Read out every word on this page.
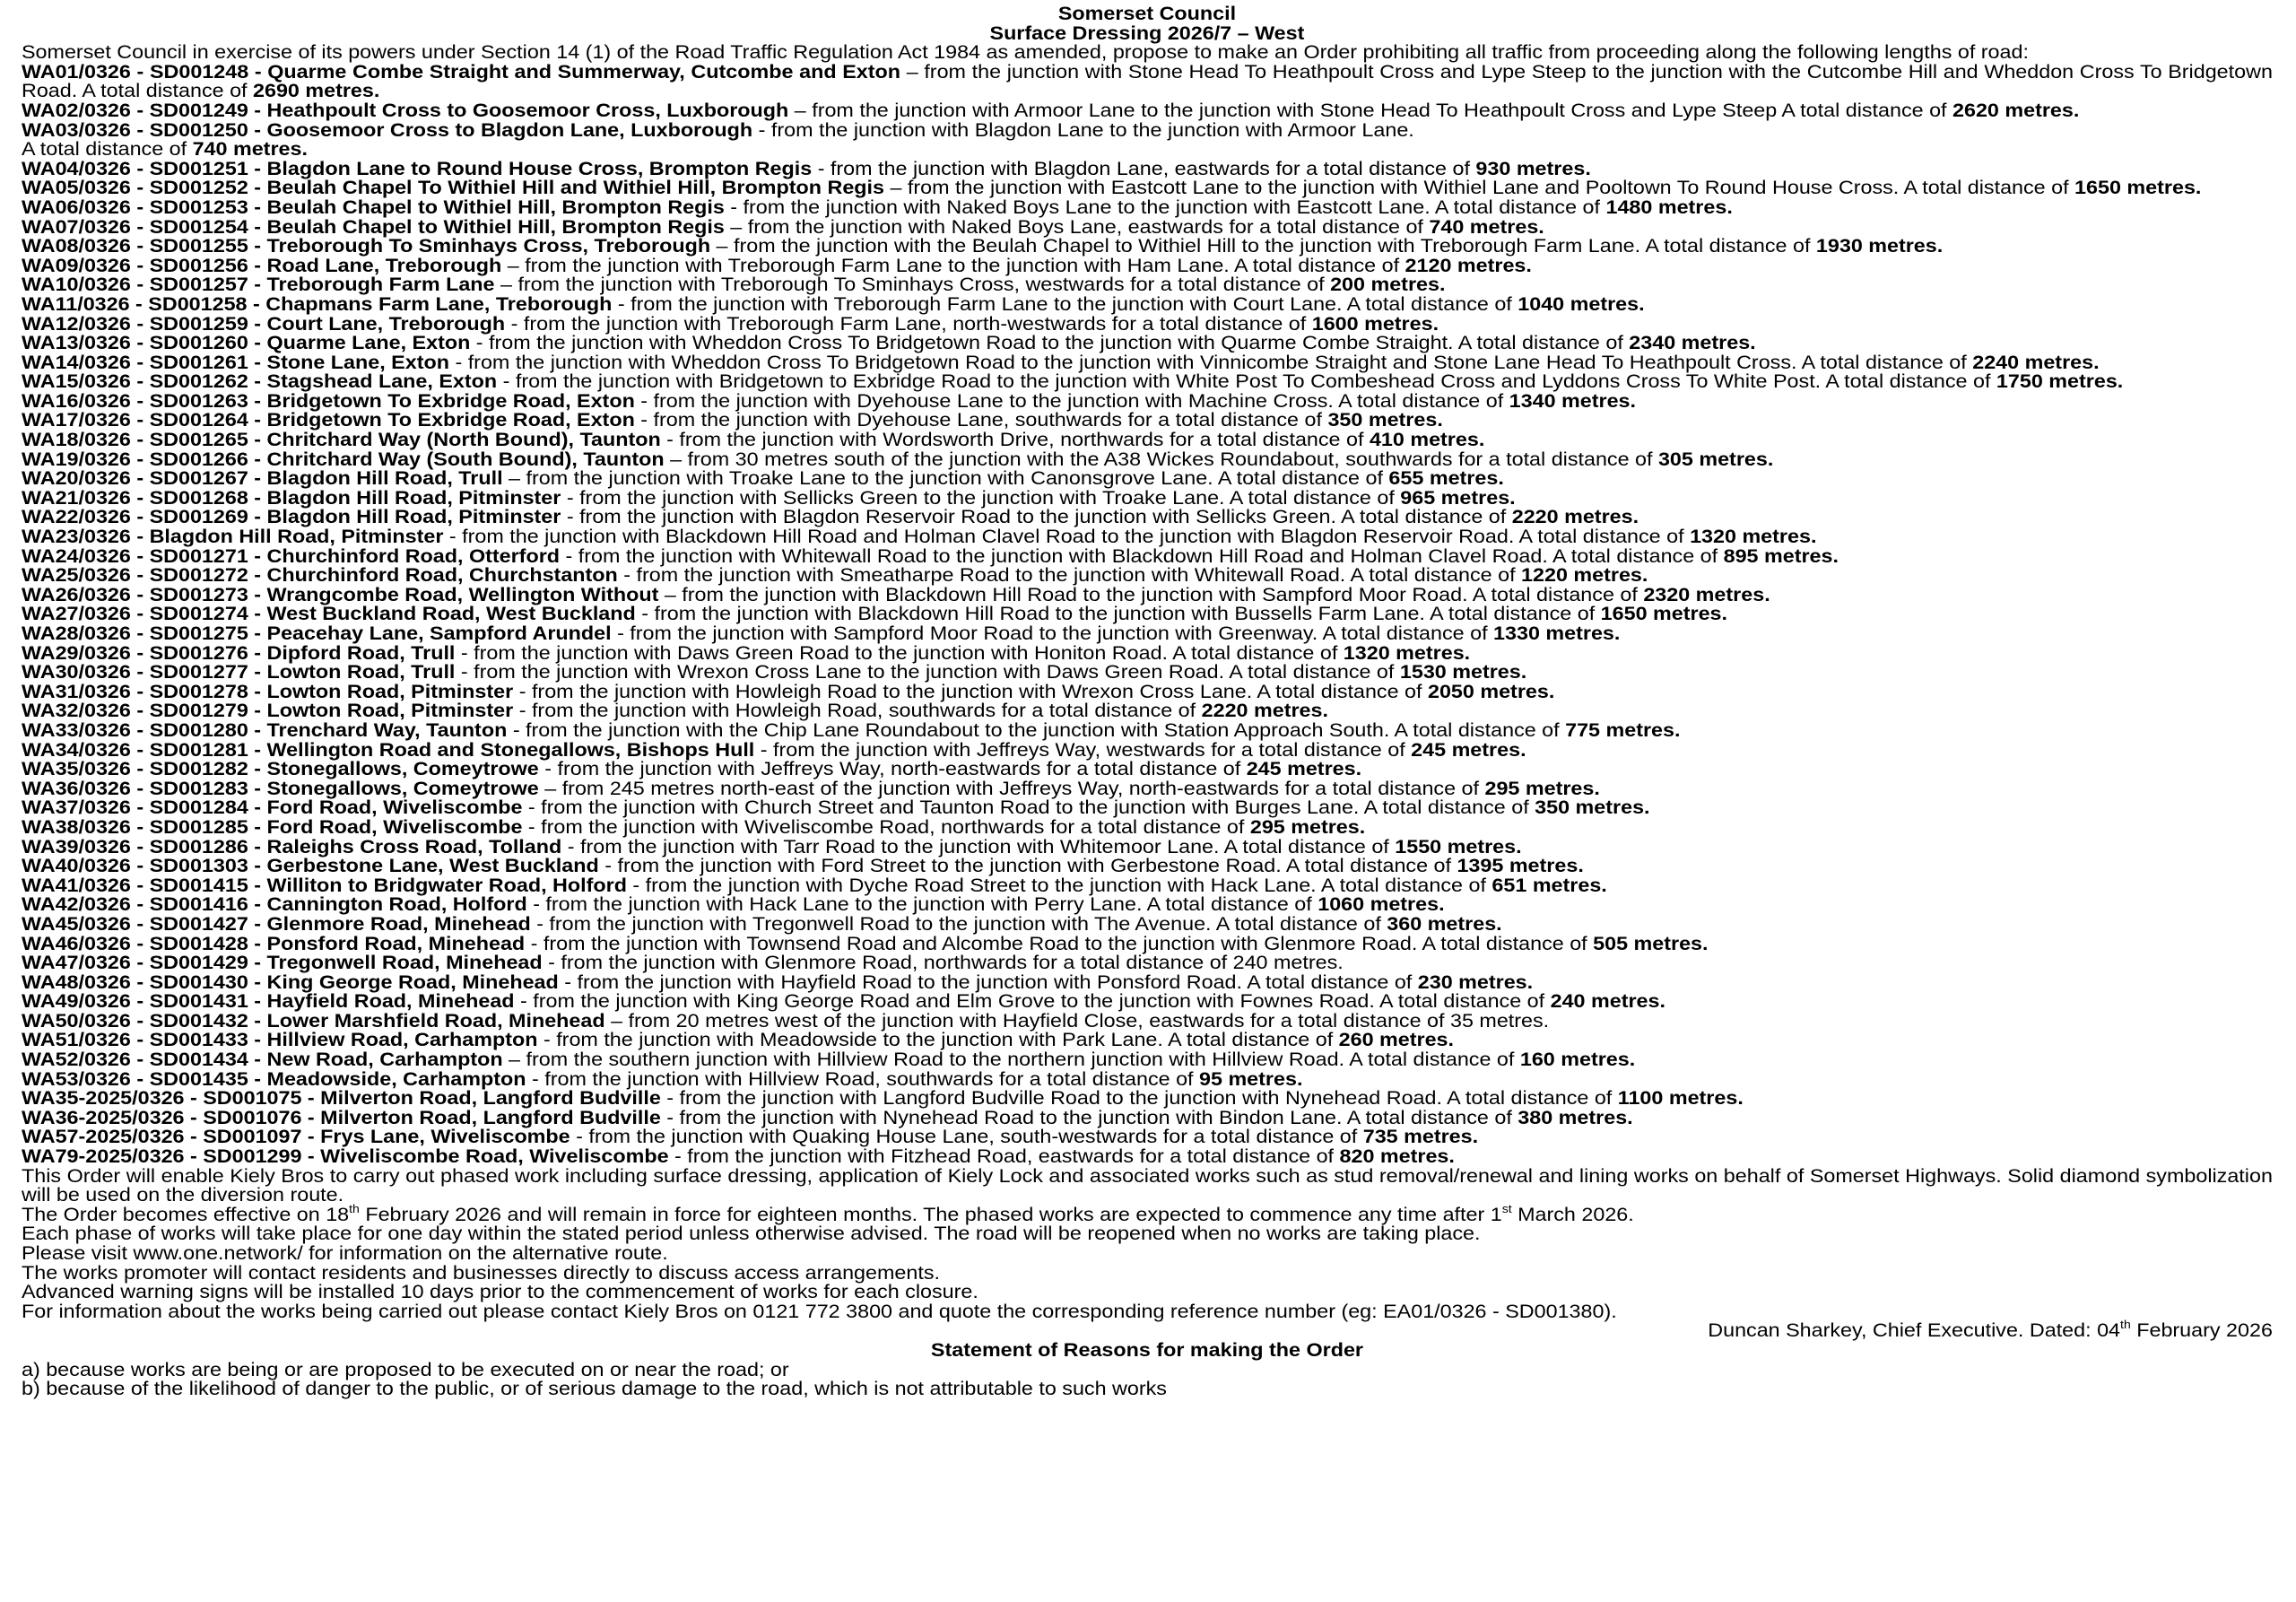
Somerset Council
Surface Dressing 2026/7 – West
Somerset Council in exercise of its powers under Section 14 (1) of the Road Traffic Regulation Act 1984 as amended, propose to make an Order prohibiting all traffic from proceeding along the following lengths of road:
WA01/0326 - SD001248 - Quarme Combe Straight and Summerway, Cutcombe and Exton – from the junction with Stone Head To Heathpoult Cross and Lype Steep to the junction with the Cutcombe Hill and Wheddon Cross To Bridgetown Road. A total distance of 2690 metres.
WA02/0326 - SD001249 - Heathpoult Cross to Goosemoor Cross, Luxborough – from the junction with Armoor Lane to the junction with Stone Head To Heathpoult Cross and Lype Steep A total distance of 2620 metres.
WA03/0326 - SD001250 - Goosemoor Cross to Blagdon Lane, Luxborough - from the junction with Blagdon Lane to the junction with Armoor Lane.
A total distance of 740 metres.
WA04/0326 - SD001251 - Blagdon Lane to Round House Cross, Brompton Regis - from the junction with Blagdon Lane, eastwards for a total distance of 930 metres.
WA05/0326 - SD001252 - Beulah Chapel To Withiel Hill and Withiel Hill, Brompton Regis – from the junction with Eastcott Lane to the junction with Withiel Lane and Pooltown To Round House Cross. A total distance of 1650 metres.
WA06/0326 - SD001253 - Beulah Chapel to Withiel Hill, Brompton Regis - from the junction with Naked Boys Lane to the junction with Eastcott Lane. A total distance of 1480 metres.
WA07/0326 - SD001254 - Beulah Chapel to Withiel Hill, Brompton Regis – from the junction with Naked Boys Lane, eastwards for a total distance of 740 metres.
WA08/0326 - SD001255 - Treborough To Sminhays Cross, Treborough – from the junction with the Beulah Chapel to Withiel Hill to the junction with Treborough Farm Lane. A total distance of 1930 metres.
WA09/0326 - SD001256 - Road Lane, Treborough – from the junction with Treborough Farm Lane to the junction with Ham Lane. A total distance of 2120 metres.
WA10/0326 - SD001257 - Treborough Farm Lane – from the junction with Treborough To Sminhays Cross, westwards for a total distance of 200 metres.
WA11/0326 - SD001258 - Chapmans Farm Lane, Treborough - from the junction with Treborough Farm Lane to the junction with Court Lane. A total distance of 1040 metres.
WA12/0326 - SD001259 - Court Lane, Treborough - from the junction with Treborough Farm Lane, north-westwards for a total distance of 1600 metres.
WA13/0326 - SD001260 - Quarme Lane, Exton - from the junction with Wheddon Cross To Bridgetown Road to the junction with Quarme Combe Straight. A total distance of 2340 metres.
WA14/0326 - SD001261 - Stone Lane, Exton - from the junction with Wheddon Cross To Bridgetown Road to the junction with Vinnicombe Straight and Stone Lane Head To Heathpoult Cross. A total distance of 2240 metres.
WA15/0326 - SD001262 - Stagshead Lane, Exton - from the junction with Bridgetown to Exbridge Road to the junction with White Post To Combeshead Cross and Lyddons Cross To White Post. A total distance of 1750 metres.
WA16/0326 - SD001263 - Bridgetown To Exbridge Road, Exton - from the junction with Dyehouse Lane to the junction with Machine Cross. A total distance of 1340 metres.
WA17/0326 - SD001264 - Bridgetown To Exbridge Road, Exton - from the junction with Dyehouse Lane, southwards for a total distance of 350 metres.
WA18/0326 - SD001265 - Chritchard Way (North Bound), Taunton - from the junction with Wordsworth Drive, northwards for a total distance of 410 metres.
WA19/0326 - SD001266 - Chritchard Way (South Bound), Taunton – from 30 metres south of the junction with the A38 Wickes Roundabout, southwards for a total distance of 305 metres.
WA20/0326 - SD001267 - Blagdon Hill Road, Trull – from the junction with Troake Lane to the junction with Canonsgrove Lane. A total distance of 655 metres.
WA21/0326 - SD001268 - Blagdon Hill Road, Pitminster - from the junction with Sellicks Green to the junction with Troake Lane. A total distance of 965 metres.
WA22/0326 - SD001269 - Blagdon Hill Road, Pitminster - from the junction with Blagdon Reservoir Road to the junction with Sellicks Green. A total distance of 2220 metres.
WA23/0326 - Blagdon Hill Road, Pitminster - from the junction with Blackdown Hill Road and Holman Clavel Road to the junction with Blagdon Reservoir Road. A total distance of 1320 metres.
WA24/0326 - SD001271 - Churchinford Road, Otterford - from the junction with Whitewall Road to the junction with Blackdown Hill Road and Holman Clavel Road. A total distance of 895 metres.
WA25/0326 - SD001272 - Churchinford Road, Churchstanton - from the junction with Smeatharpe Road to the junction with Whitewall Road. A total distance of 1220 metres.
WA26/0326 - SD001273 - Wrangcombe Road, Wellington Without – from the junction with Blackdown Hill Road to the junction with Sampford Moor Road. A total distance of 2320 metres.
WA27/0326 - SD001274 - West Buckland Road, West Buckland - from the junction with Blackdown Hill Road to the junction with Bussells Farm Lane. A total distance of 1650 metres.
WA28/0326 - SD001275 - Peacehay Lane, Sampford Arundel - from the junction with Sampford Moor Road to the junction with Greenway. A total distance of 1330 metres.
WA29/0326 - SD001276 - Dipford Road, Trull - from the junction with Daws Green Road to the junction with Honiton Road. A total distance of 1320 metres.
WA30/0326 - SD001277 - Lowton Road, Trull - from the junction with Wrexon Cross Lane to the junction with Daws Green Road. A total distance of 1530 metres.
WA31/0326 - SD001278 - Lowton Road, Pitminster - from the junction with Howleigh Road to the junction with Wrexon Cross Lane. A total distance of 2050 metres.
WA32/0326 - SD001279 - Lowton Road, Pitminster - from the junction with Howleigh Road, southwards for a total distance of 2220 metres.
WA33/0326 - SD001280 - Trenchard Way, Taunton - from the junction with the Chip Lane Roundabout to the junction with Station Approach South. A total distance of 775 metres.
WA34/0326 - SD001281 - Wellington Road and Stonegallows, Bishops Hull - from the junction with Jeffreys Way, westwards for a total distance of 245 metres.
WA35/0326 - SD001282 - Stonegallows, Comeytrowe - from the junction with Jeffreys Way, north-eastwards for a total distance of 245 metres.
WA36/0326 - SD001283 - Stonegallows, Comeytrowe – from 245 metres north-east of the junction with Jeffreys Way, north-eastwards for a total distance of 295 metres.
WA37/0326 - SD001284 - Ford Road, Wiveliscombe - from the junction with Church Street and Taunton Road to the junction with Burges Lane. A total distance of 350 metres.
WA38/0326 - SD001285 - Ford Road, Wiveliscombe - from the junction with Wiveliscombe Road, northwards for a total distance of 295 metres.
WA39/0326 - SD001286 - Raleighs Cross Road, Tolland - from the junction with Tarr Road to the junction with Whitemoor Lane. A total distance of 1550 metres.
WA40/0326 - SD001303 - Gerbestone Lane, West Buckland - from the junction with Ford Street to the junction with Gerbestone Road. A total distance of 1395 metres.
WA41/0326 - SD001415 - Williton to Bridgwater Road, Holford - from the junction with Dyche Road Street to the junction with Hack Lane. A total distance of 651 metres.
WA42/0326 - SD001416 - Cannington Road, Holford - from the junction with Hack Lane to the junction with Perry Lane. A total distance of 1060 metres.
WA45/0326 - SD001427 - Glenmore Road, Minehead - from the junction with Tregonwell Road to the junction with The Avenue. A total distance of 360 metres.
WA46/0326 - SD001428 - Ponsford Road, Minehead - from the junction with Townsend Road and Alcombe Road to the junction with Glenmore Road. A total distance of 505 metres.
WA47/0326 - SD001429 - Tregonwell Road, Minehead - from the junction with Glenmore Road, northwards for a total distance of 240 metres.
WA48/0326 - SD001430 - King George Road, Minehead - from the junction with Hayfield Road to the junction with Ponsford Road. A total distance of 230 metres.
WA49/0326 - SD001431 - Hayfield Road, Minehead - from the junction with King George Road and Elm Grove to the junction with Fownes Road. A total distance of 240 metres.
WA50/0326 - SD001432 - Lower Marshfield Road, Minehead – from 20 metres west of the junction with Hayfield Close, eastwards for a total distance of 35 metres.
WA51/0326 - SD001433 - Hillview Road, Carhampton - from the junction with Meadowside to the junction with Park Lane. A total distance of 260 metres.
WA52/0326 - SD001434 - New Road, Carhampton – from the southern junction with Hillview Road to the northern junction with Hillview Road. A total distance of 160 metres.
WA53/0326 - SD001435 - Meadowside, Carhampton - from the junction with Hillview Road, southwards for a total distance of 95 metres.
WA35-2025/0326 - SD001075 - Milverton Road, Langford Budville - from the junction with Langford Budville Road to the junction with Nynehead Road. A total distance of 1100 metres.
WA36-2025/0326 - SD001076 - Milverton Road, Langford Budville - from the junction with Nynehead Road to the junction with Bindon Lane. A total distance of 380 metres.
WA57-2025/0326 - SD001097 - Frys Lane, Wiveliscombe - from the junction with Quaking House Lane, south-westwards for a total distance of 735 metres.
WA79-2025/0326 - SD001299 - Wiveliscombe Road, Wiveliscombe - from the junction with Fitzhead Road, eastwards for a total distance of 820 metres.
This Order will enable Kiely Bros to carry out phased work including surface dressing, application of Kiely Lock and associated works such as stud removal/renewal and lining works on behalf of Somerset Highways. Solid diamond symbolization will be used on the diversion route.
The Order becomes effective on 18th February 2026 and will remain in force for eighteen months. The phased works are expected to commence any time after 1st March 2026.
Each phase of works will take place for one day within the stated period unless otherwise advised. The road will be reopened when no works are taking place.
Please visit www.one.network/ for information on the alternative route.
The works promoter will contact residents and businesses directly to discuss access arrangements.
Advanced warning signs will be installed 10 days prior to the commencement of works for each closure.
For information about the works being carried out please contact Kiely Bros on 0121 772 3800 and quote the corresponding reference number (eg: EA01/0326 - SD001380).
Duncan Sharkey, Chief Executive. Dated: 04th February 2026
Statement of Reasons for making the Order
a) because works are being or are proposed to be executed on or near the road; or
b) because of the likelihood of danger to the public, or of serious damage to the road, which is not attributable to such works
